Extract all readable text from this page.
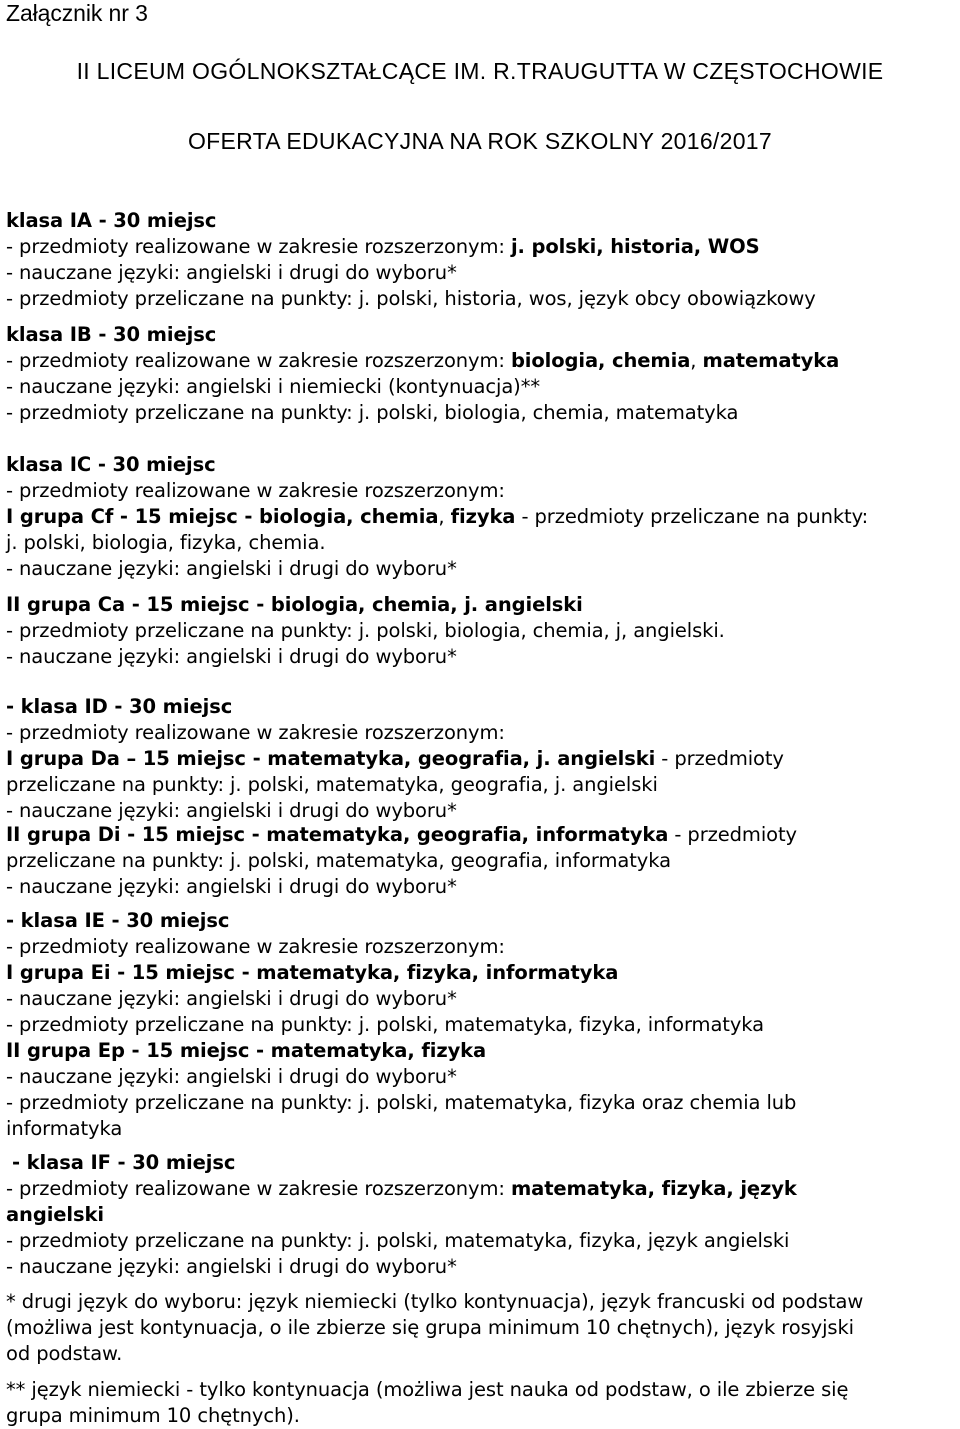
Załącznik nr 3
II LICEUM OGÓLNOKSZTAŁCĄCE IM. R.TRAUGUTTA W CZĘSTOCHOWIE
OFERTA EDUKACYJNA NA ROK SZKOLNY 2016/2017
klasa IA - 30 miejsc
- przedmioty realizowane w zakresie rozszerzonym: j. polski, historia, WOS
- nauczane języki: angielski i drugi do wyboru*
- przedmioty przeliczane na punkty: j. polski, historia, wos, język obcy obowiązkowy
klasa IB - 30 miejsc
- przedmioty realizowane w zakresie rozszerzonym: biologia, chemia, matematyka
- nauczane języki: angielski i niemiecki (kontynuacja)**
- przedmioty przeliczane na punkty: j. polski, biologia, chemia, matematyka
klasa IC - 30 miejsc
- przedmioty realizowane w zakresie rozszerzonym:
I grupa Cf - 15 miejsc - biologia, chemia, fizyka - przedmioty przeliczane na punkty:
j. polski, biologia, fizyka, chemia.
- nauczane języki: angielski i drugi do wyboru*
II grupa Ca - 15 miejsc - biologia, chemia, j. angielski
- przedmioty przeliczane na punkty: j. polski, biologia, chemia, j, angielski.
- nauczane języki: angielski i drugi do wyboru*
- klasa ID - 30 miejsc
- przedmioty realizowane w zakresie rozszerzonym:
I grupa Da – 15 miejsc - matematyka, geografia, j. angielski - przedmioty
przeliczane na punkty: j. polski, matematyka, geografia, j. angielski
- nauczane języki: angielski i drugi do wyboru*
II grupa Di - 15 miejsc - matematyka, geografia, informatyka - przedmioty
przeliczane na punkty: j. polski, matematyka, geografia, informatyka
- nauczane języki: angielski i drugi do wyboru*
- klasa IE - 30 miejsc
- przedmioty realizowane w zakresie rozszerzonym:
I grupa Ei - 15 miejsc - matematyka, fizyka, informatyka
- nauczane języki: angielski i drugi do wyboru*
- przedmioty przeliczane na punkty: j. polski, matematyka, fizyka, informatyka
II grupa Ep - 15 miejsc - matematyka, fizyka
- nauczane języki: angielski i drugi do wyboru*
- przedmioty przeliczane na punkty: j. polski, matematyka, fizyka oraz chemia lub
informatyka
- klasa IF - 30 miejsc
- przedmioty realizowane w zakresie rozszerzonym: matematyka, fizyka, język
angielski
- przedmioty przeliczane na punkty: j. polski, matematyka, fizyka, język angielski
- nauczane języki: angielski i drugi do wyboru*
* drugi język do wyboru: język niemiecki (tylko kontynuacja), język francuski od podstaw
(możliwa jest kontynuacja, o ile zbierze się grupa minimum 10 chętnych), język rosyjski
od podstaw.
** język niemiecki - tylko kontynuacja (możliwa jest nauka od podstaw, o ile zbierze się
grupa minimum 10 chętnych).
